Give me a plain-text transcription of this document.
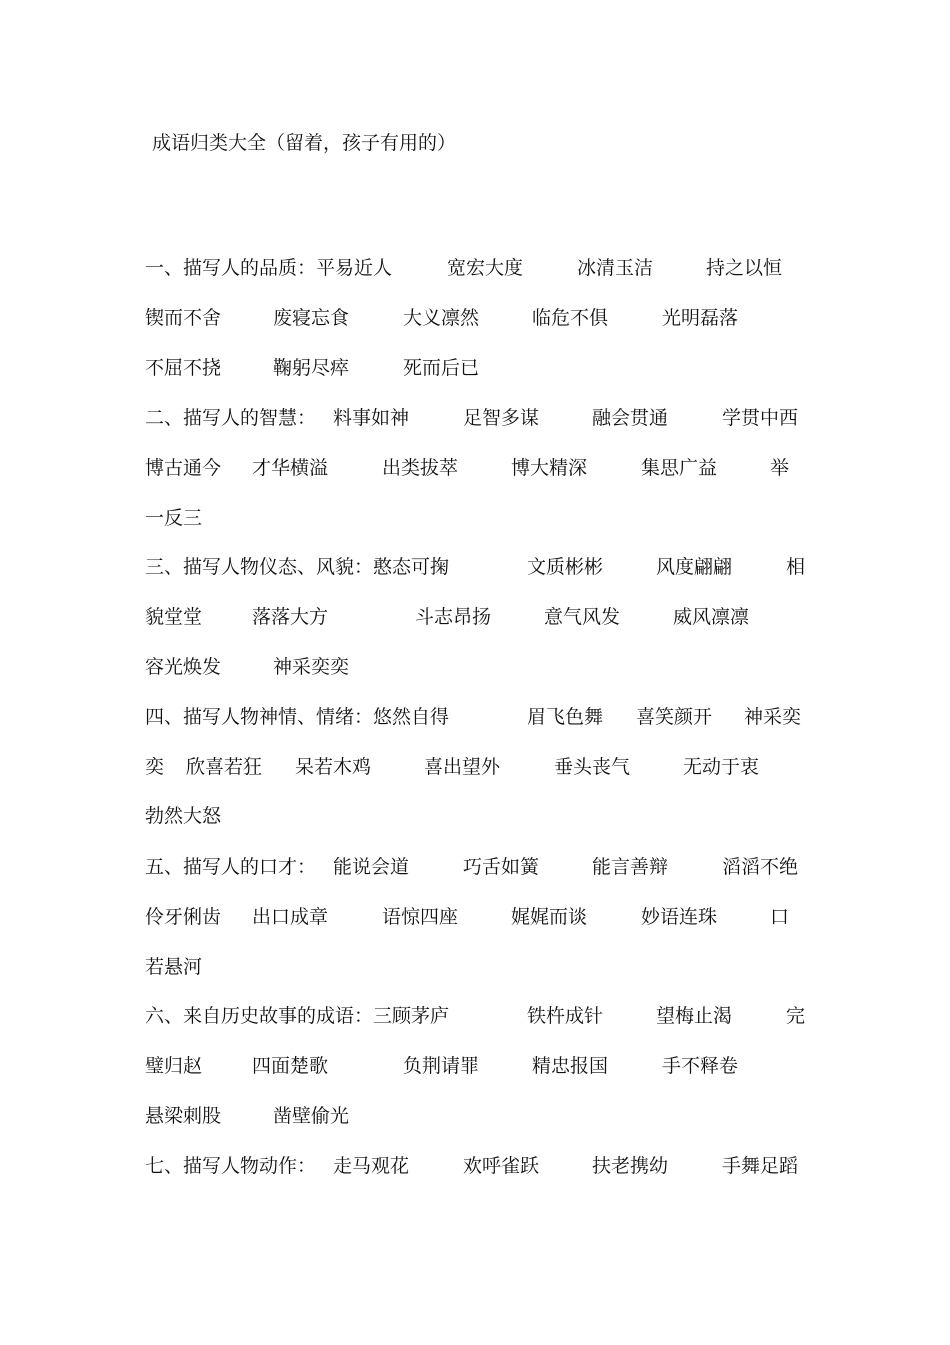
成语归类大全（留着，孩子有用的）
一、描写人的品质：平易近人	宽宏大度	冰清玉洁	持之以恒
锲而不舍	废寝忘食	大义凛然	临危不俱	光明磊落
不屈不挠	鞠躬尽瘁	死而后已
二、描写人的智慧： 料事如神	足智多谋	融会贯通	学贯中西
博古通今 才华横溢	出类拔萃	博大精深	集思广益	举
一反三
三、描写人物仪态、风貌：憨态可掬	文质彬彬	风度翩翩	相
貌堂堂	落落大方	斗志昂扬	意气风发	威风凛凛
容光焕发	神采奕奕
四、描写人物神情、情绪：悠然自得	眉飞色舞 喜笑颜开 神采奕
奕 欣喜若狂 呆若木鸡	喜出望外	垂头丧气	无动于衷
勃然大怒
五、描写人的口才： 能说会道	巧舌如簧	能言善辩	滔滔不绝
伶牙俐齿 出口成章	语惊四座	娓娓而谈	妙语连珠	口
若悬河
六、来自历史故事的成语：三顾茅庐	铁杵成针	望梅止渴	完
璧归赵	四面楚歌	负荆请罪	精忠报国	手不释卷
悬梁刺股	凿壁偷光
七、描写人物动作： 走马观花	欢呼雀跃	扶老携幼	手舞足蹈
